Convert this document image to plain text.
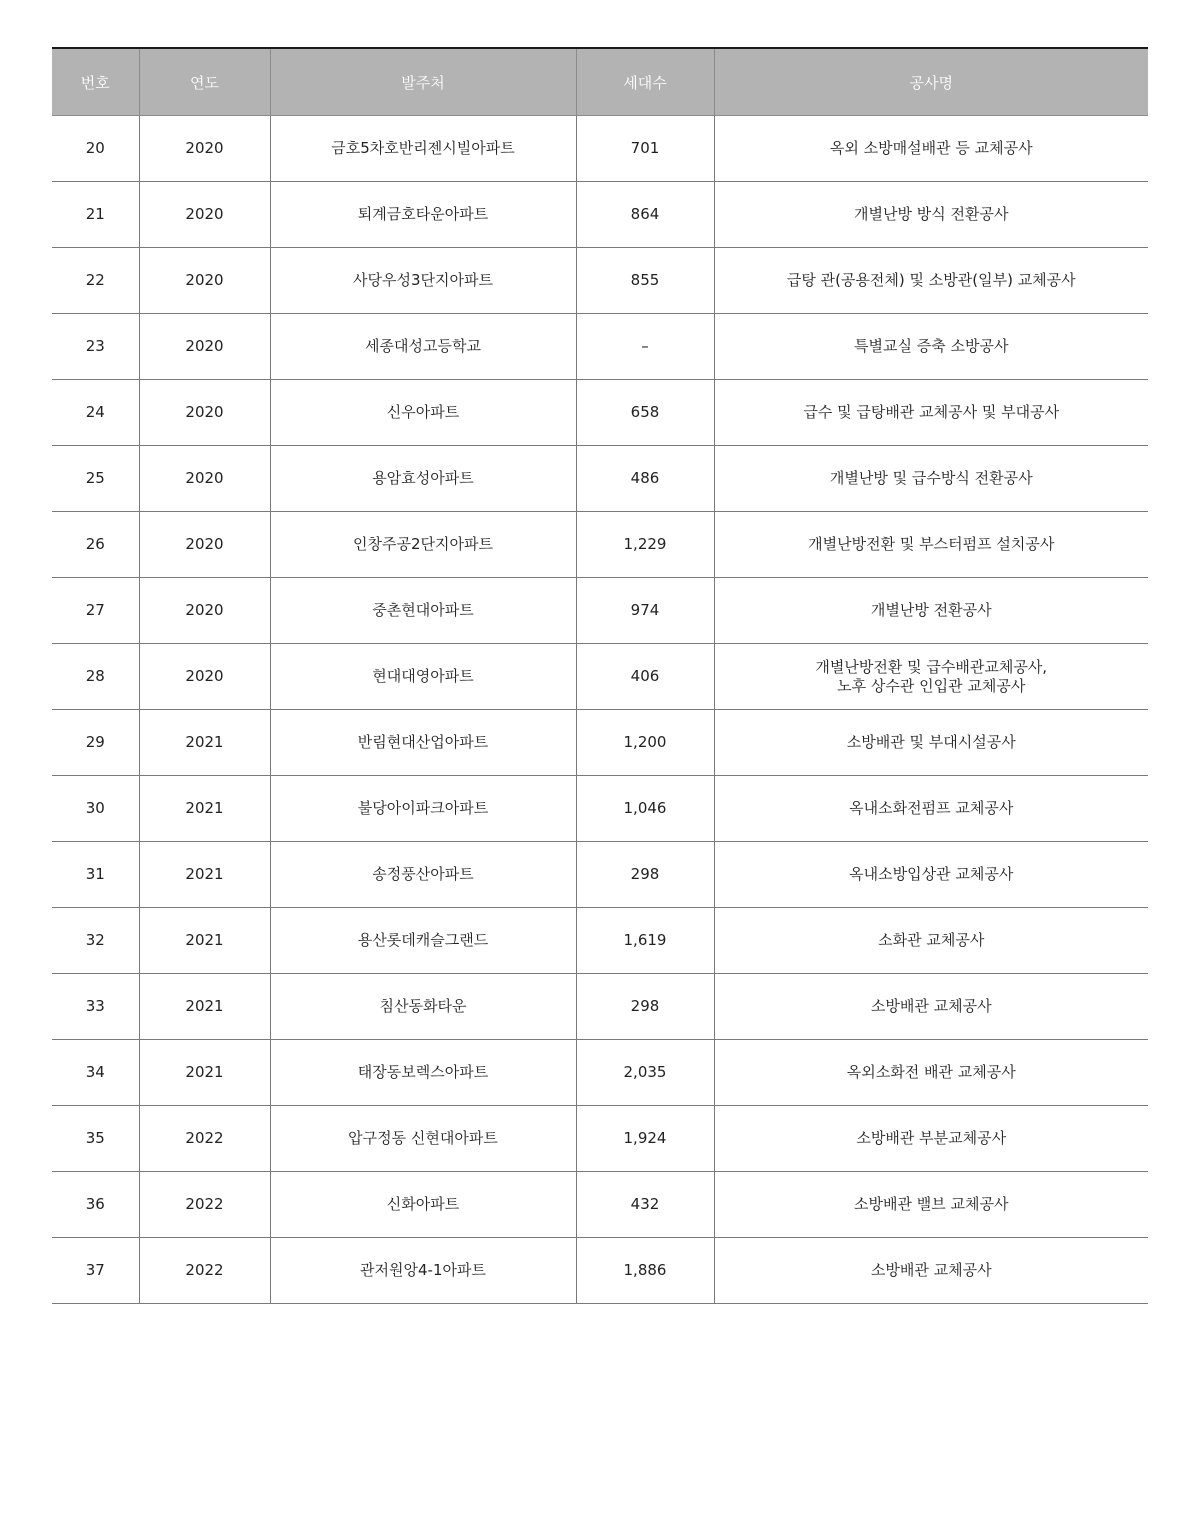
번호	연도	발주처	세대수	공사명
20	2020	금호5차호반리젠시빌아파트	701	옥외 소방매설배관 등 교체공사

21	2020	퇴계금호타운아파트	864	개별난방 방식 전환공사

22	2020	사당우성3단지아파트	855	급탕 관(공용전체) 및 소방관(일부) 교체공사

23	2020	세종대성고등학교	–	특별교실 증축 소방공사

24	2020	신우아파트	658	급수 및 급탕배관 교체공사 및 부대공사

25	2020	용암효성아파트	486	개별난방 및 급수방식 전환공사

26	2020	인창주공2단지아파트	1,229	개별난방전환 및 부스터펌프 설치공사

27	2020	중촌현대아파트	974	개별난방 전환공사

28	2020	현대대영아파트	406	개별난방전환 및 급수배관교체공사,
노후 상수관 인입관 교체공사

29	2021	반림현대산업아파트	1,200	소방배관 및 부대시설공사

30	2021	불당아이파크아파트	1,046	옥내소화전펌프 교체공사

31	2021	송정풍산아파트	298	옥내소방입상관 교체공사

32	2021	용산롯데캐슬그랜드	1,619	소화관 교체공사

33	2021	침산동화타운	298	소방배관 교체공사

34	2021	태장동보렉스아파트	2,035	옥외소화전 배관 교체공사

35	2022	압구정동 신현대아파트	1,924	소방배관 부분교체공사

36	2022	신화아파트	432	소방배관 밸브 교체공사

37	2022	관저원앙4-1아파트	1,886	소방배관 교체공사
